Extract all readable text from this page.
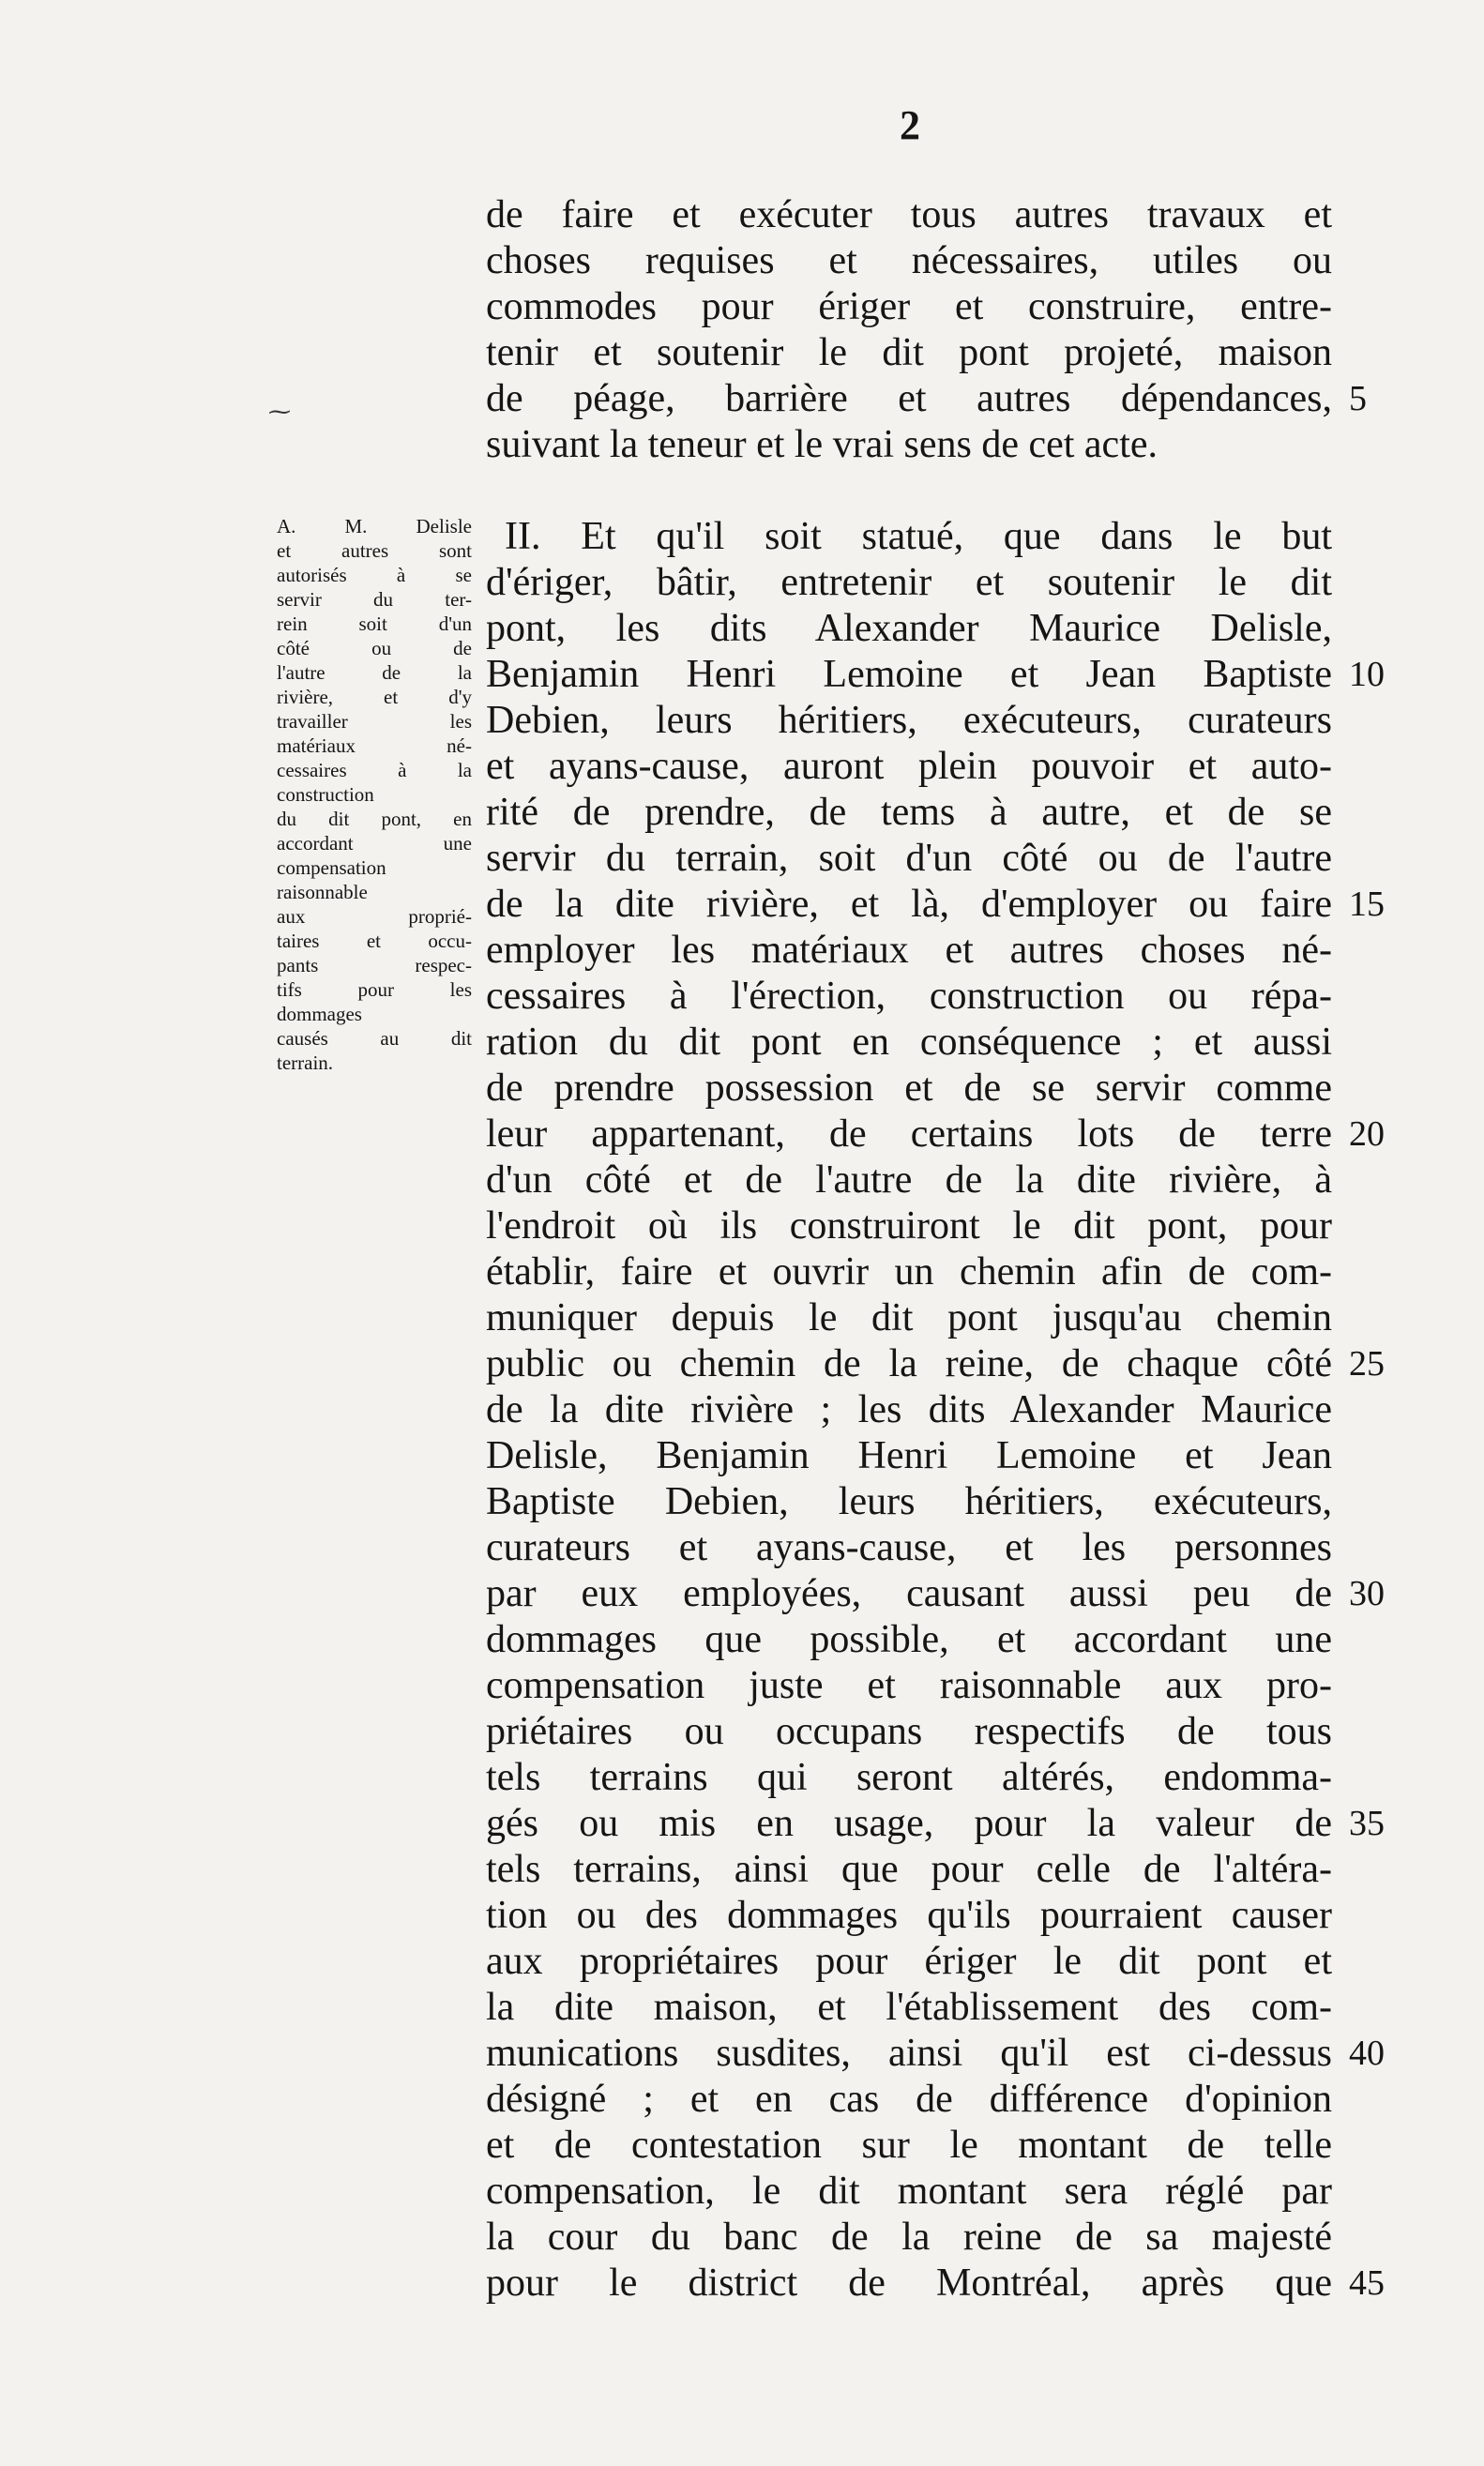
2
⁓
A. M. Delisle
et autres sont
autorisés à se
servir du ter-
rein soit d'un
côté ou de
l'autre de la
rivière, et d'y
travailler les
matériaux né-
cessaires à la
construction
du dit pont, en
accordant une
compensation
raisonnable
aux proprié-
taires et occu-
pants respec-
tifs pour les
dommages
causés au dit
terrain.
de faire et exécuter tous autres travaux et
choses requises et nécessaires, utiles ou
commodes pour ériger et construire, entre-
tenir et soutenir le dit pont projeté, maison
de péage, barrière et autres dépendances, 5
suivant la teneur et le vrai sens de cet acte.
II. Et qu'il soit statué, que dans le but
d'ériger, bâtir, entretenir et soutenir le dit
pont, les dits Alexander Maurice Delisle,
Benjamin Henri Lemoine et Jean Baptiste 10
Debien, leurs héritiers, exécuteurs, curateurs
et ayans-cause, auront plein pouvoir et auto-
rité de prendre, de tems à autre, et de se
servir du terrain, soit d'un côté ou de l'autre
de la dite rivière, et là, d'employer ou faire 15
employer les matériaux et autres choses né-
cessaires à l'érection, construction ou répa-
ration du dit pont en conséquence ; et aussi
de prendre possession et de se servir comme
leur appartenant, de certains lots de terre 20
d'un côté et de l'autre de la dite rivière, à
l'endroit où ils construiront le dit pont, pour
établir, faire et ouvrir un chemin afin de com-
muniquer depuis le dit pont jusqu'au chemin
public ou chemin de la reine, de chaque côté 25
de la dite rivière ; les dits Alexander Maurice
Delisle, Benjamin Henri Lemoine et Jean
Baptiste Debien, leurs héritiers, exécuteurs,
curateurs et ayans-cause, et les personnes
par eux employées, causant aussi peu de 30
dommages que possible, et accordant une
compensation juste et raisonnable aux pro-
priétaires ou occupans respectifs de tous
tels terrains qui seront altérés, endomma-
gés ou mis en usage, pour la valeur de 35
tels terrains, ainsi que pour celle de l'altéra-
tion ou des dommages qu'ils pourraient causer
aux propriétaires pour ériger le dit pont et
la dite maison, et l'établissement des com-
munications susdites, ainsi qu'il est ci-dessus 40
désigné ; et en cas de différence d'opinion
et de contestation sur le montant de telle
compensation, le dit montant sera réglé par
la cour du banc de la reine de sa majesté
pour le district de Montréal, après que 45
